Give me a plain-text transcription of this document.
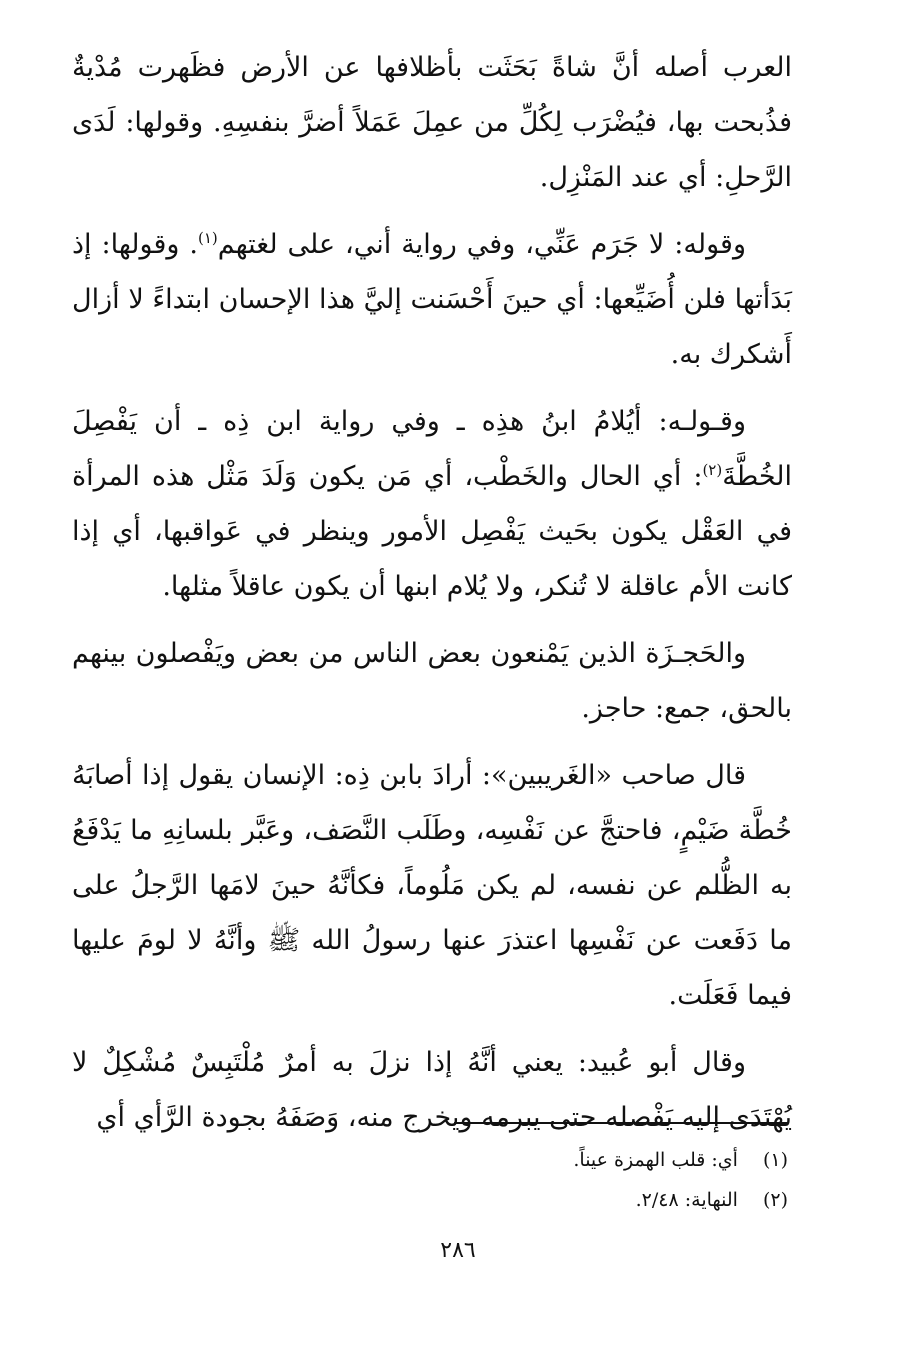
العرب أصله أنَّ شاةً بَحَثَت بأظلافها عن الأرض فظَهرت مُدْيةٌ فذُبحت بها، فيُضْرَب لِكُلِّ من عمِلَ عَمَلاً أضرَّ بنفسِهِ. وقولها: لَدَى الرَّحلِ: أي عند المَنْزِل.

وقوله: لا جَرَم عَنِّي، وفي رواية أني، على لغتهم$^{(١)}$. وقولها: إذ بَدَأتها فلن أُضَيِّعها: أي حينَ أَحْسَنت إليَّ هذا الإحسان ابتداءً لا أزال أَشكرك به.

وقـولـه: أيُلامُ ابنُ هذِه ـ وفي رواية ابن ذِه ـ أن يَفْصِلَ الخُطَّةَ$^{(٢)}$: أي الحال والخَطْب، أي مَن يكون وَلَدَ مَثْل هذه المرأة في العَقْل يكون بحَيث يَفْصِل الأمور وينظر في عَواقبها، أي إذا كانت الأم عاقلة لا تُنكر، ولا يُلام ابنها أن يكون عاقلاً مثلها.

والحَجـزَة الذين يَمْنعون بعض الناس من بعض ويَفْصلون بينهم بالحق، جمع: حاجز.

قال صاحب «الغَريبين»: أرادَ بابن ذِه: الإنسان يقول إذا أصابَهُ خُطَّة ضَيْمٍ، فاحتجَّ عن نَفْسِه، وطَلَب النَّصَف، وعَبَّر بلسانِهِ ما يَدْفَعُ به الظُّلم عن نفسه، لم يكن مَلُوماً، فكأنَّهُ حينَ لامَها الرَّجلُ على ما دَفَعت عن نَفْسِها اعتذرَ عنها رسولُ الله ﷺ وأنَّهُ لا لومَ عليها فيما فَعَلَت.

وقال أبو عُبيد: يعني أنَّهُ إذا نزلَ به أمرٌ مُلْتَبِسٌ مُشْكِلٌ لا يُهْتَدَى إليه يَفْصله حتى يبرمه ويخرج منه، وَصَفَهُ بجودة الرَّأي أي

(١) أي: قلب الهمزة عيناً.

(٢) النهاية: ٢/٤٨.

٢٨٦
